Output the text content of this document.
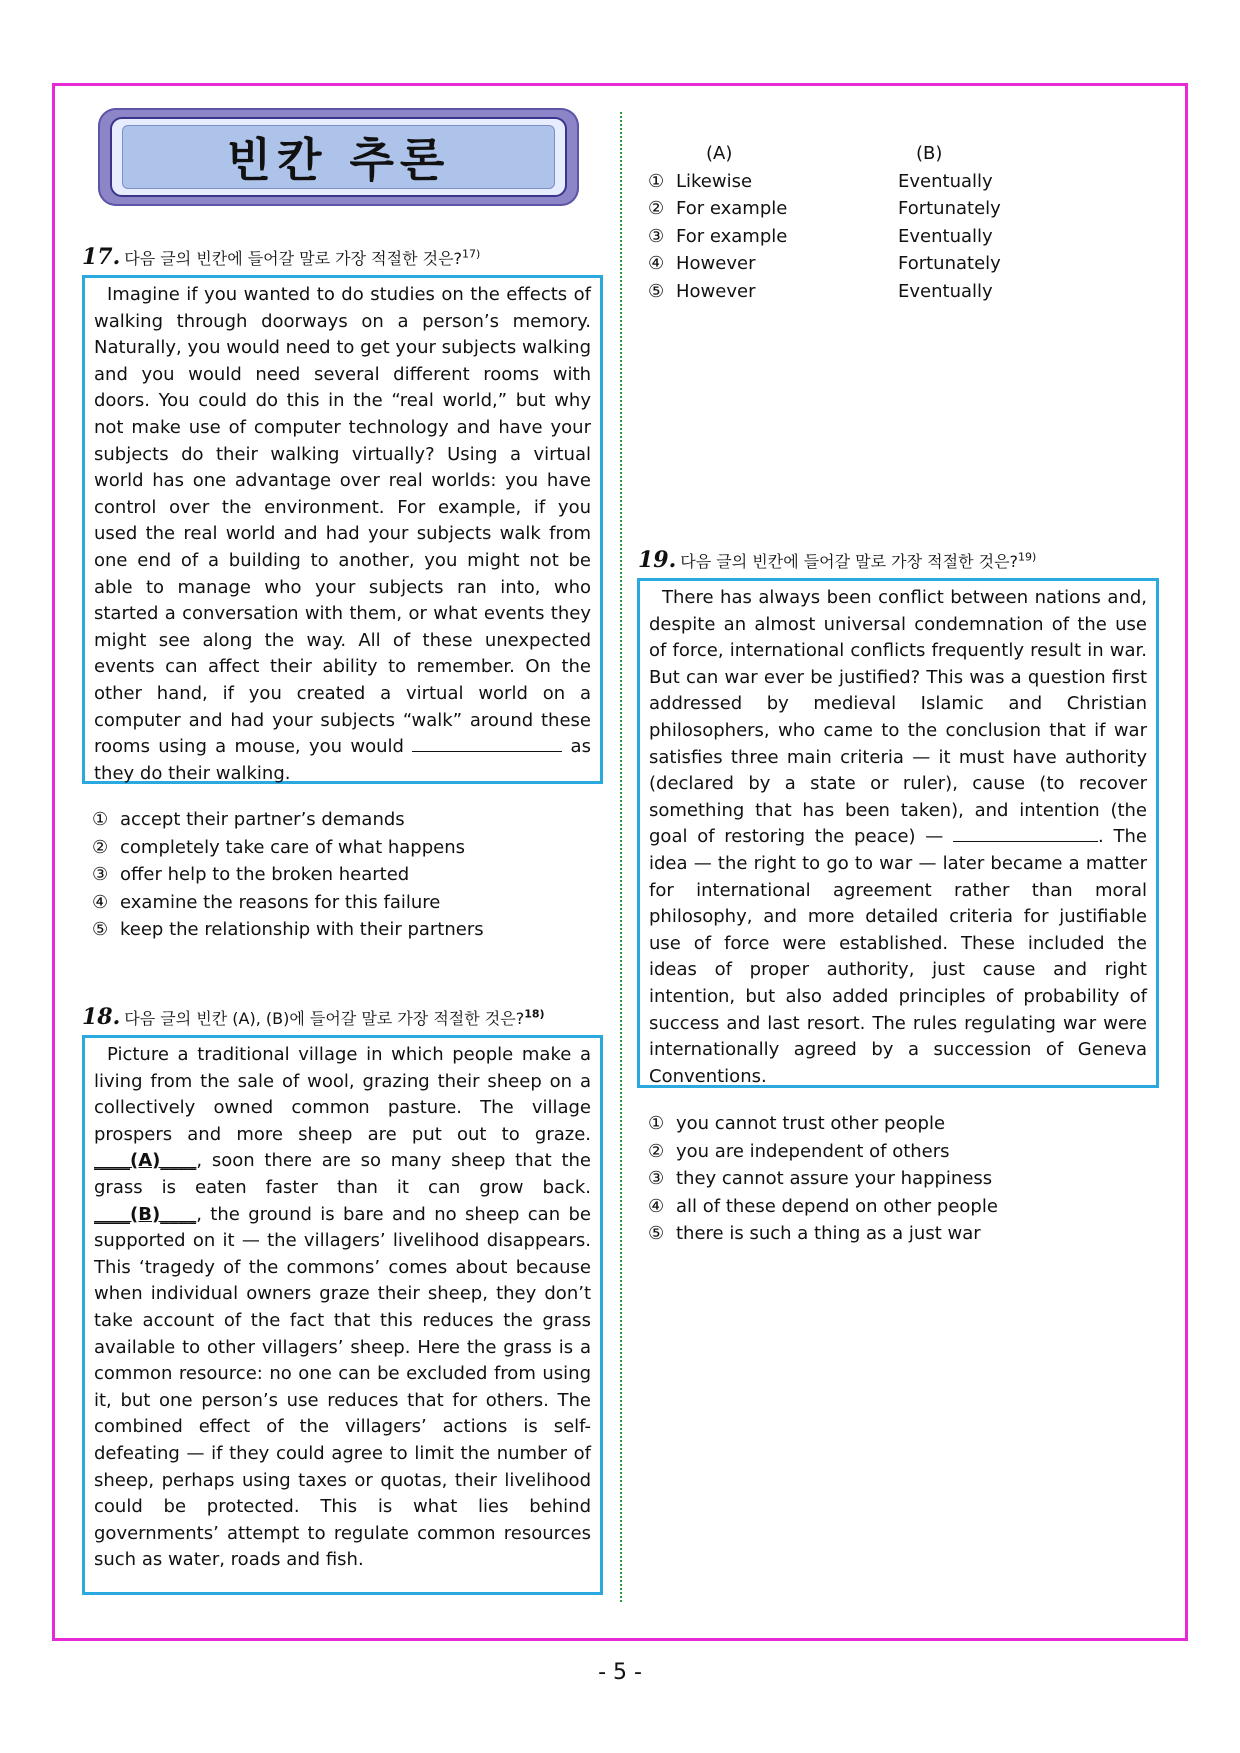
빈칸 추론
17. 다음 글의 빈칸에 들어갈 말로 가장 적절한 것은?$^{17)}$

Imagine if you wanted to do studies on the effects of walking through doorways on a person’s memory. Naturally, you would need to get your subjects walking and you would need several different rooms with doors. You could do this in the “real world,” but why not make use of computer technology and have your subjects do their walking virtually? Using a virtual world has one advantage over real worlds: you have control over the environment. For example, if you used the real world and had your subjects walk from one end of a building to another, you might not be able to manage who your subjects ran into, who started a conversation with them, or what events they might see along the way. All of these unexpected events can affect their ability to remember. On the other hand, if you created a virtual world on a computer and had your subjects “walk” around these rooms using a mouse, you would	as they do their walking.

① accept their partner’s demands
② completely take care of what happens
③ offer help to the broken hearted
④ examine the reasons for this failure
⑤ keep the relationship with their partners
18. 다음 글의 빈칸 (A), (B)에 들어갈 말로 가장 적절한 것은?$^{18)}$

Picture a traditional village in which people make a living from the sale of wool, grazing their sheep on a collectively owned common pasture. The village prospers and more sheep are put out to graze. ____(A)____, soon there are so many sheep that the grass is eaten faster than it can grow back. ____(B)____, the ground is bare and no sheep can be supported on it — the villagers’ livelihood disappears. This ‘tragedy of the commons’ comes about because when individual owners graze their sheep, they don’t take account of the fact that this reduces the grass available to other villagers’ sheep. Here the grass is a common resource: no one can be excluded from using it, but one person’s use reduces that for others. The combined effect of the villagers’ actions is self-defeating — if they could agree to limit the number of sheep, perhaps using taxes or quotas, their livelihood could be protected. This is what lies behind governments’ attempt to regulate common resources such as water, roads and fish.

(A)	(B)
① Likewise	Eventually
② For example	Fortunately
③ For example	Eventually
④ However	Fortunately
⑤ However	Eventually
19. 다음 글의 빈칸에 들어갈 말로 가장 적절한 것은?$^{19)}$

There has always been conflict between nations and, despite an almost universal condemnation of the use of force, international conflicts frequently result in war. But can war ever be justified? This was a question first addressed by medieval Islamic and Christian philosophers, who came to the conclusion that if war satisfies three main criteria — it must have authority (declared by a state or ruler), cause (to recover something that has been taken), and intention (the goal of restoring the peace) —	. The idea — the right to go to war — later became a matter for international agreement rather than moral philosophy, and more detailed criteria for justifiable use of force were established. These included the ideas of proper authority, just cause and right intention, but also added principles of probability of success and last resort. The rules regulating war were internationally agreed by a succession of Geneva Conventions.

① you cannot trust other people
② you are independent of others
③ they cannot assure your happiness
④ all of these depend on other people
⑤ there is such a thing as a just war
- 5 -
